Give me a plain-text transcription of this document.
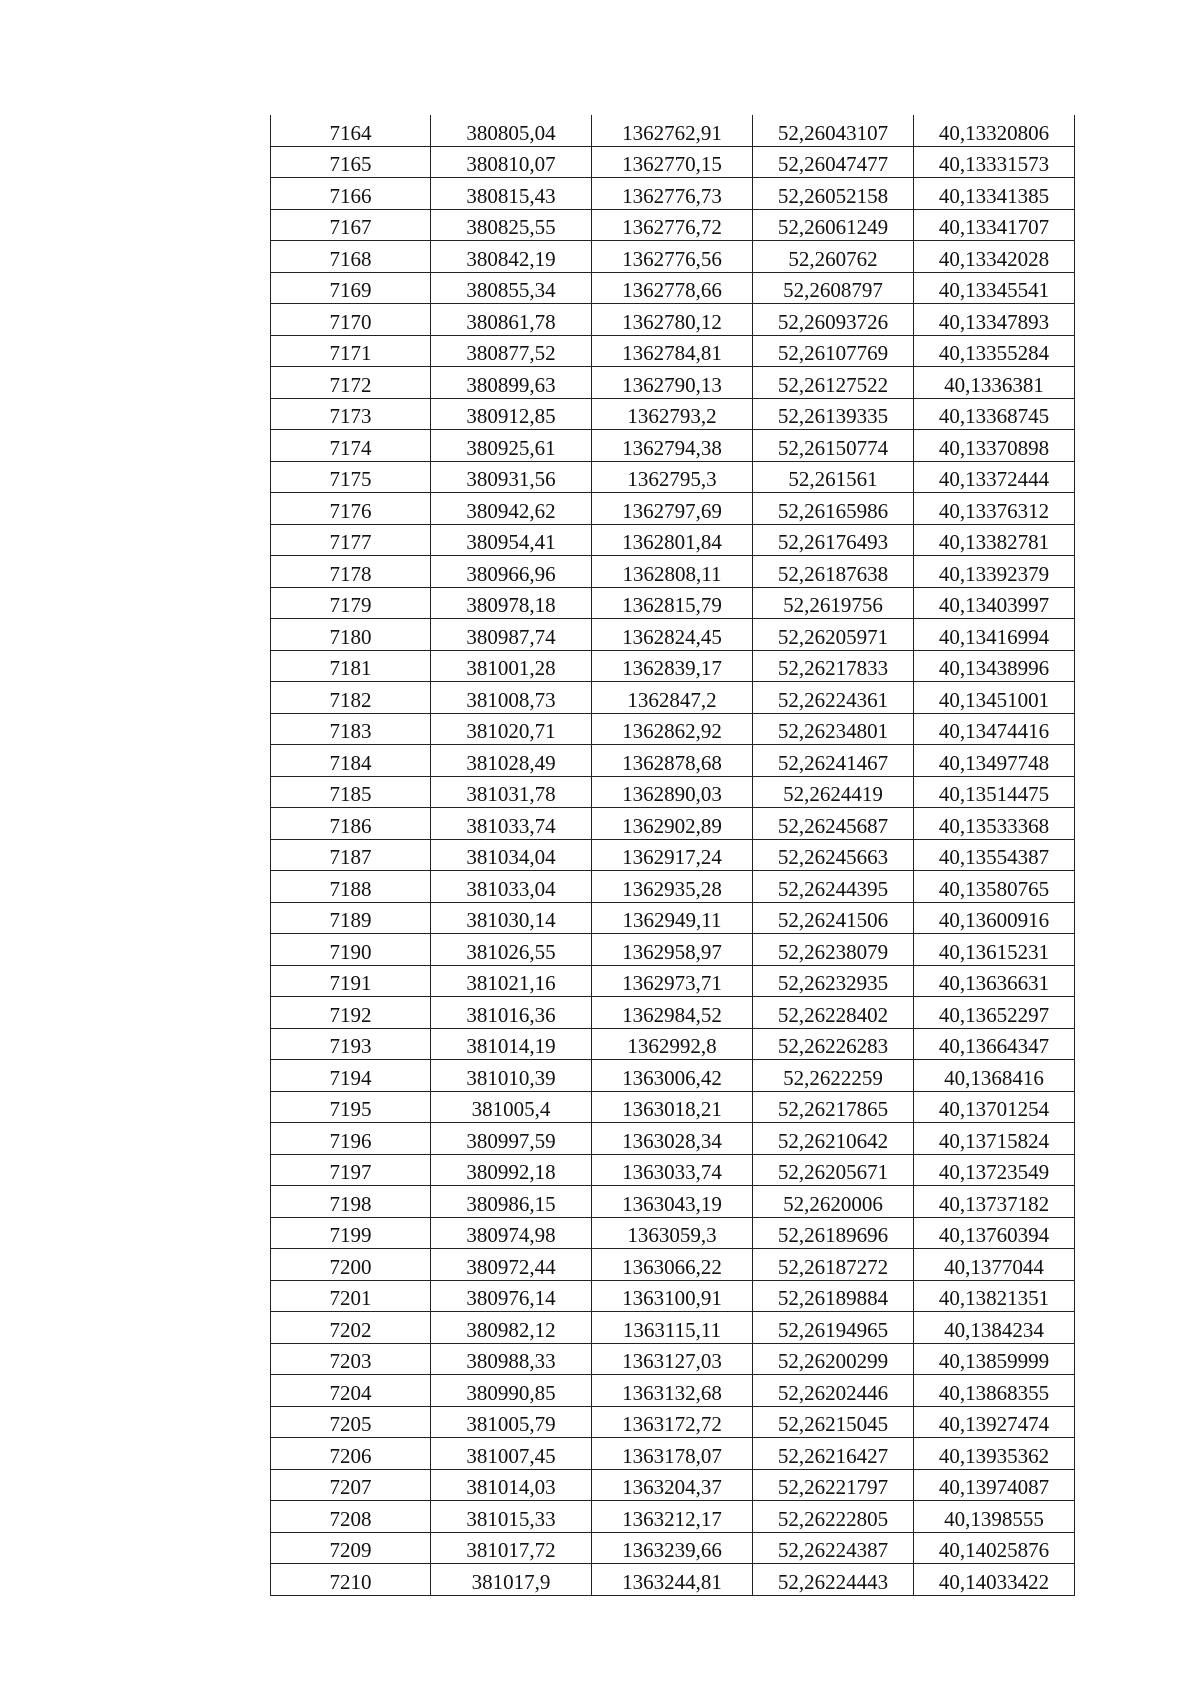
7164	380805,04	1362762,91	52,26043107	40,13320806
7165	380810,07	1362770,15	52,26047477	40,13331573
7166	380815,43	1362776,73	52,26052158	40,13341385
7167	380825,55	1362776,72	52,26061249	40,13341707
7168	380842,19	1362776,56	52,260762	40,13342028
7169	380855,34	1362778,66	52,2608797	40,13345541
7170	380861,78	1362780,12	52,26093726	40,13347893
7171	380877,52	1362784,81	52,26107769	40,13355284
7172	380899,63	1362790,13	52,26127522	40,1336381
7173	380912,85	1362793,2	52,26139335	40,13368745
7174	380925,61	1362794,38	52,26150774	40,13370898
7175	380931,56	1362795,3	52,261561	40,13372444
7176	380942,62	1362797,69	52,26165986	40,13376312
7177	380954,41	1362801,84	52,26176493	40,13382781
7178	380966,96	1362808,11	52,26187638	40,13392379
7179	380978,18	1362815,79	52,2619756	40,13403997
7180	380987,74	1362824,45	52,26205971	40,13416994
7181	381001,28	1362839,17	52,26217833	40,13438996
7182	381008,73	1362847,2	52,26224361	40,13451001
7183	381020,71	1362862,92	52,26234801	40,13474416
7184	381028,49	1362878,68	52,26241467	40,13497748
7185	381031,78	1362890,03	52,2624419	40,13514475
7186	381033,74	1362902,89	52,26245687	40,13533368
7187	381034,04	1362917,24	52,26245663	40,13554387
7188	381033,04	1362935,28	52,26244395	40,13580765
7189	381030,14	1362949,11	52,26241506	40,13600916
7190	381026,55	1362958,97	52,26238079	40,13615231
7191	381021,16	1362973,71	52,26232935	40,13636631
7192	381016,36	1362984,52	52,26228402	40,13652297
7193	381014,19	1362992,8	52,26226283	40,13664347
7194	381010,39	1363006,42	52,2622259	40,1368416
7195	381005,4	1363018,21	52,26217865	40,13701254
7196	380997,59	1363028,34	52,26210642	40,13715824
7197	380992,18	1363033,74	52,26205671	40,13723549
7198	380986,15	1363043,19	52,2620006	40,13737182
7199	380974,98	1363059,3	52,26189696	40,13760394
7200	380972,44	1363066,22	52,26187272	40,1377044
7201	380976,14	1363100,91	52,26189884	40,13821351
7202	380982,12	1363115,11	52,26194965	40,1384234
7203	380988,33	1363127,03	52,26200299	40,13859999
7204	380990,85	1363132,68	52,26202446	40,13868355
7205	381005,79	1363172,72	52,26215045	40,13927474
7206	381007,45	1363178,07	52,26216427	40,13935362
7207	381014,03	1363204,37	52,26221797	40,13974087
7208	381015,33	1363212,17	52,26222805	40,1398555
7209	381017,72	1363239,66	52,26224387	40,14025876
7210	381017,9	1363244,81	52,26224443	40,14033422
